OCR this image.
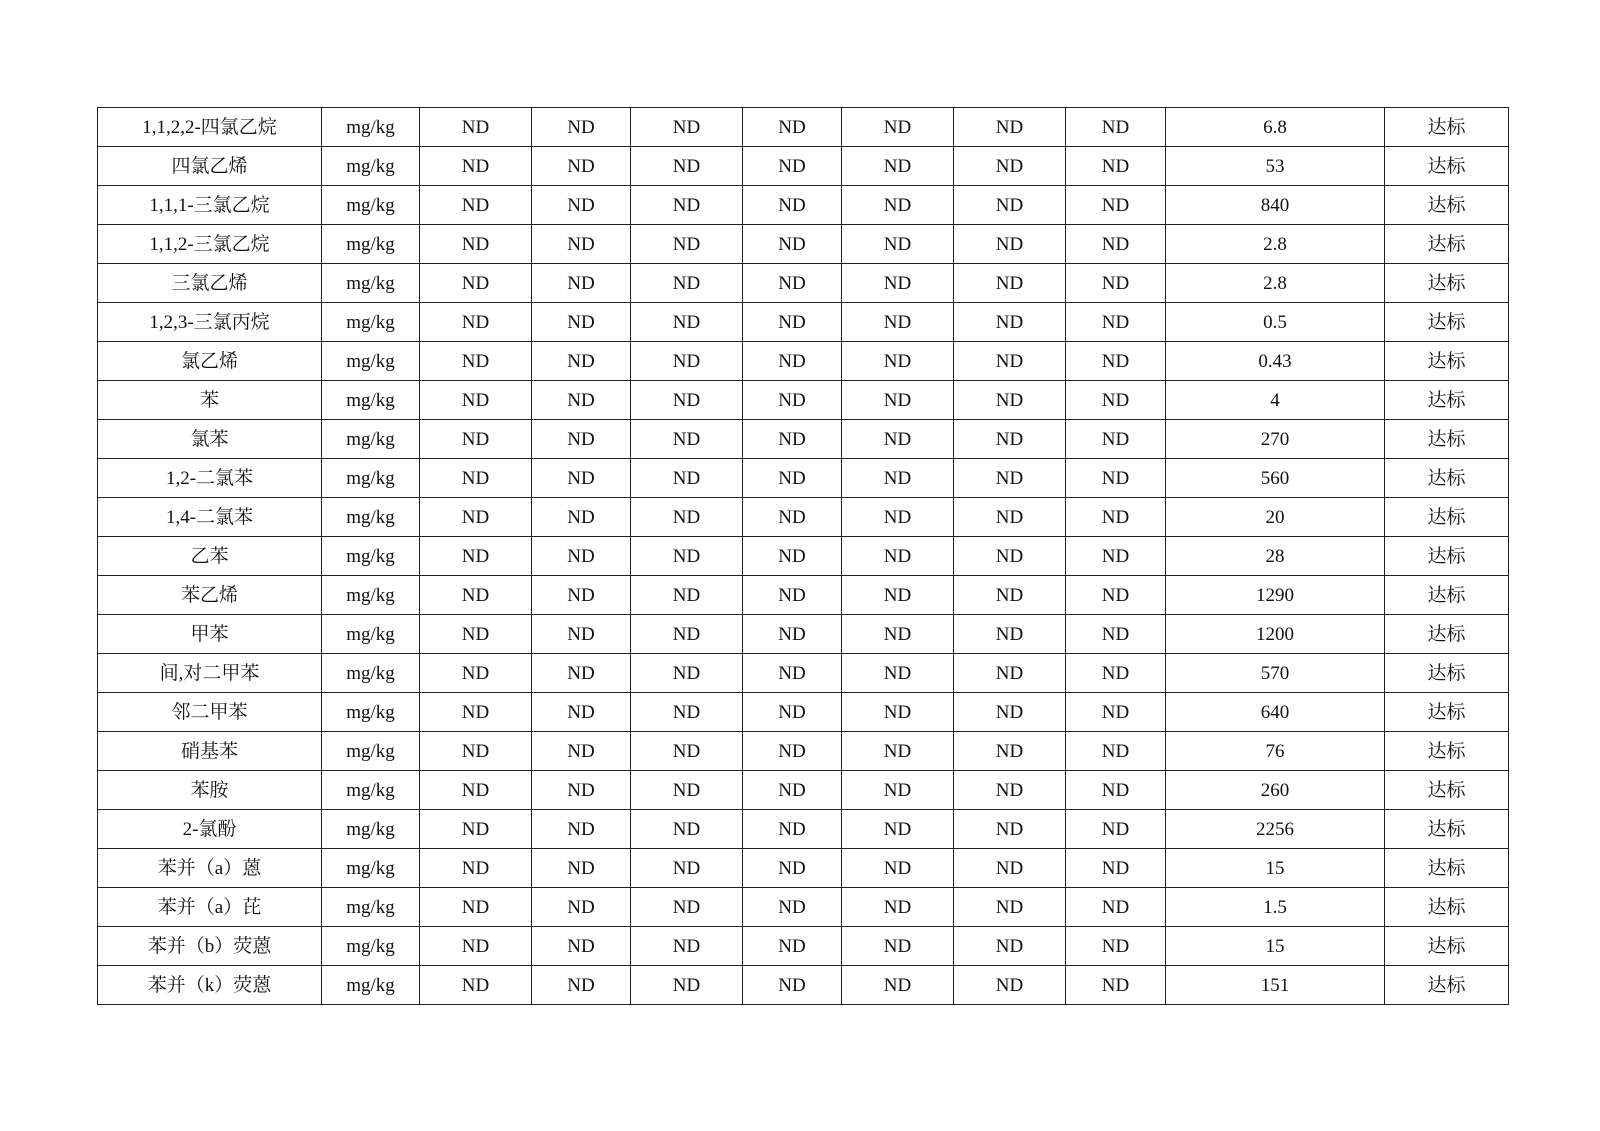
1,1,2,2-四氯乙烷	mg/kg	ND	ND	ND	ND	ND	ND	ND	6.8	达标
四氯乙烯	mg/kg	ND	ND	ND	ND	ND	ND	ND	53	达标
1,1,1-三氯乙烷	mg/kg	ND	ND	ND	ND	ND	ND	ND	840	达标
1,1,2-三氯乙烷	mg/kg	ND	ND	ND	ND	ND	ND	ND	2.8	达标
三氯乙烯	mg/kg	ND	ND	ND	ND	ND	ND	ND	2.8	达标
1,2,3-三氯丙烷	mg/kg	ND	ND	ND	ND	ND	ND	ND	0.5	达标
氯乙烯	mg/kg	ND	ND	ND	ND	ND	ND	ND	0.43	达标
苯	mg/kg	ND	ND	ND	ND	ND	ND	ND	4	达标
氯苯	mg/kg	ND	ND	ND	ND	ND	ND	ND	270	达标
1,2-二氯苯	mg/kg	ND	ND	ND	ND	ND	ND	ND	560	达标
1,4-二氯苯	mg/kg	ND	ND	ND	ND	ND	ND	ND	20	达标
乙苯	mg/kg	ND	ND	ND	ND	ND	ND	ND	28	达标
苯乙烯	mg/kg	ND	ND	ND	ND	ND	ND	ND	1290	达标
甲苯	mg/kg	ND	ND	ND	ND	ND	ND	ND	1200	达标
间,对二甲苯	mg/kg	ND	ND	ND	ND	ND	ND	ND	570	达标
邻二甲苯	mg/kg	ND	ND	ND	ND	ND	ND	ND	640	达标
硝基苯	mg/kg	ND	ND	ND	ND	ND	ND	ND	76	达标
苯胺	mg/kg	ND	ND	ND	ND	ND	ND	ND	260	达标
2-氯酚	mg/kg	ND	ND	ND	ND	ND	ND	ND	2256	达标
苯并（a）蒽	mg/kg	ND	ND	ND	ND	ND	ND	ND	15	达标
苯并（a）芘	mg/kg	ND	ND	ND	ND	ND	ND	ND	1.5	达标
苯并（b）荧蒽	mg/kg	ND	ND	ND	ND	ND	ND	ND	15	达标
苯并（k）荧蒽	mg/kg	ND	ND	ND	ND	ND	ND	ND	151	达标
